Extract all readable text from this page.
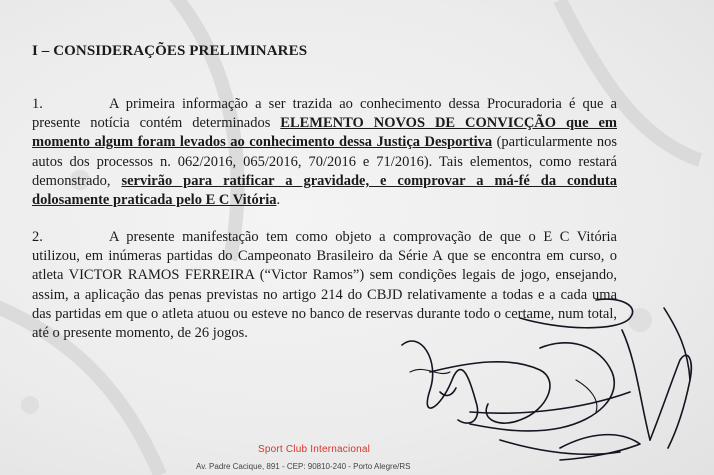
I – CONSIDERAÇÕES PRELIMINARES
1.	A primeira informação a ser trazida ao conhecimento dessa Procuradoria é que a presente notícia contém determinados ELEMENTO NOVOS DE CONVICÇÃO que em momento algum foram levados ao conhecimento dessa Justiça Desportiva (particularmente nos autos dos processos n. 062/2016, 065/2016, 70/2016 e 71/2016). Tais elementos, como restará demonstrado, servirão para ratificar a gravidade, e comprovar a má-fé da conduta dolosamente praticada pelo E C Vitória.
2.	A presente manifestação tem como objeto a comprovação de que o E C Vitória utilizou, em inúmeras partidas do Campeonato Brasileiro da Série A que se encontra em curso, o atleta VICTOR RAMOS FERREIRA (“Victor Ramos”) sem condições legais de jogo, ensejando, assim, a aplicação das penas previstas no artigo 214 do CBJD relativamente a todas e a cada uma das partidas em que o atleta atuou ou esteve no banco de reservas durante todo o certame, num total, até o presente momento, de 26 jogos.
Sport Club Internacional
Av. Padre Cacique, 891 - CEP: 90810-240 - Porto Alegre/RS
